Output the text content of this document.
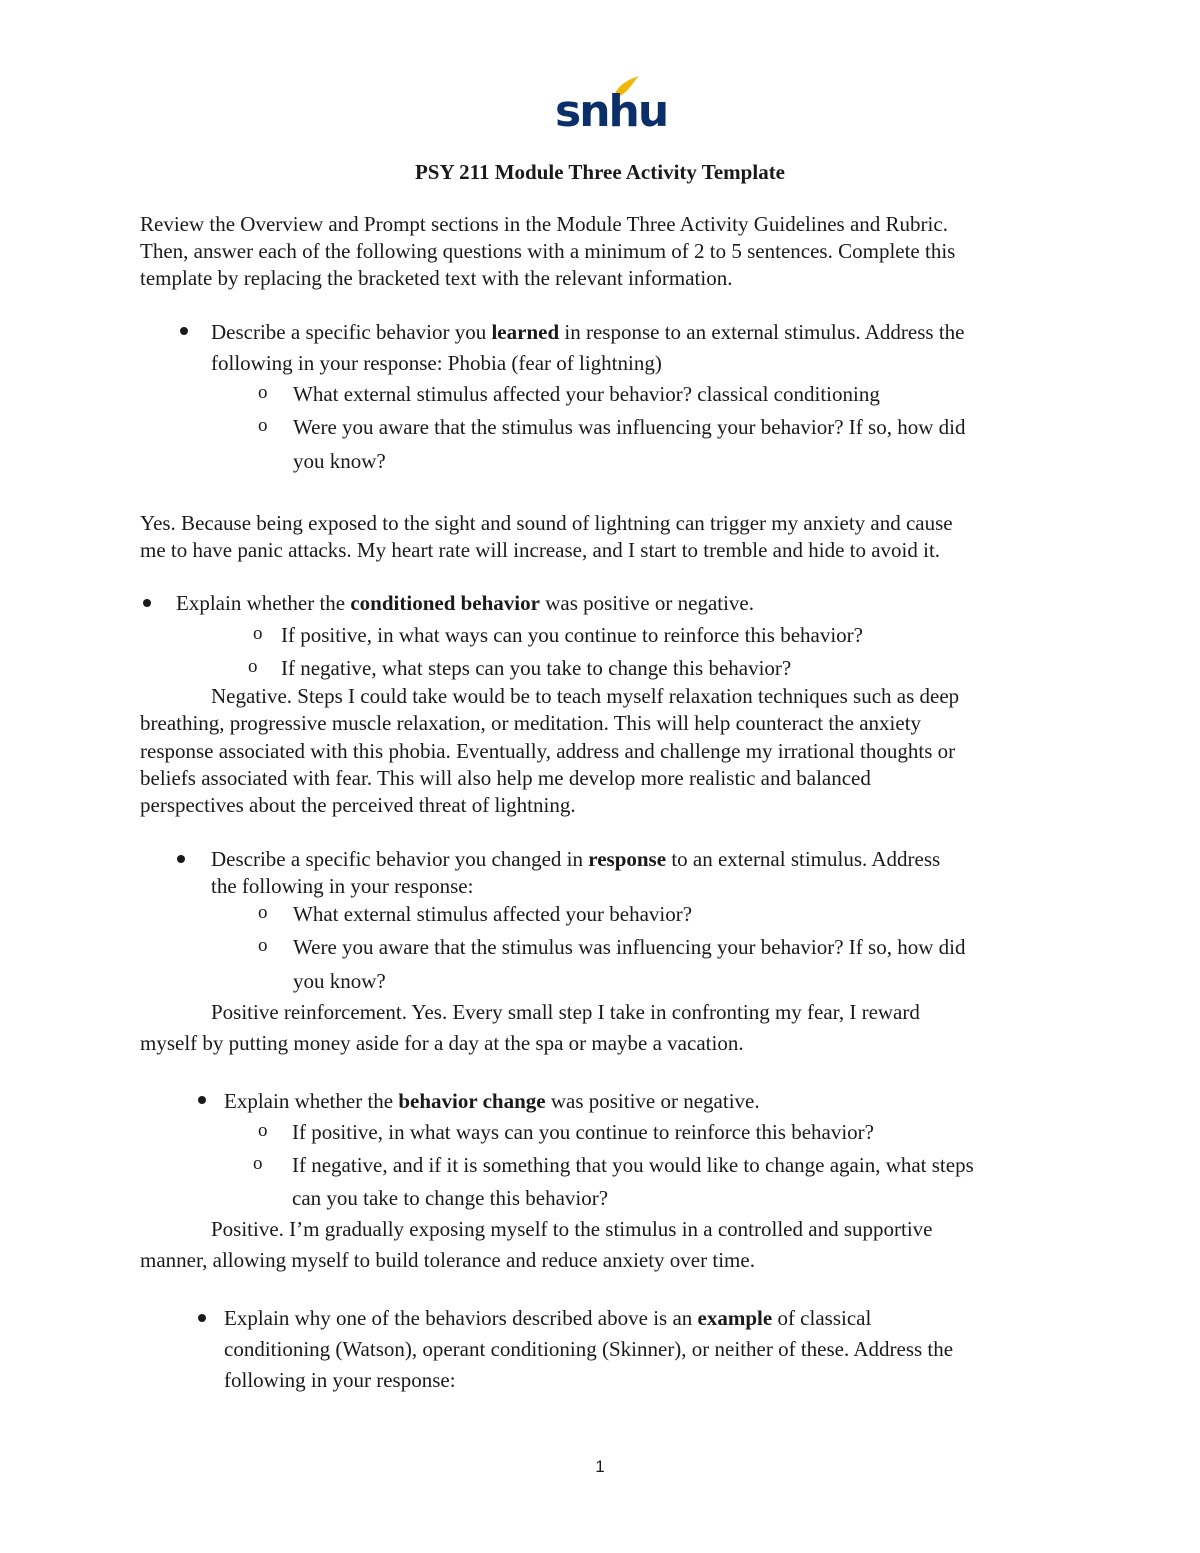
snhu
PSY 211 Module Three Activity Template
Review the Overview and Prompt sections in the Module Three Activity Guidelines and Rubric.
Then, answer each of the following questions with a minimum of 2 to 5 sentences. Complete this
template by replacing the bracketed text with the relevant information.
Describe a specific behavior you learned in response to an external stimulus. Address the
following in your response: Phobia (fear of lightning)
o What external stimulus affected your behavior? classical conditioning
o Were you aware that the stimulus was influencing your behavior? If so, how did
you know?
Yes. Because being exposed to the sight and sound of lightning can trigger my anxiety and cause
me to have panic attacks. My heart rate will increase, and I start to tremble and hide to avoid it.
Explain whether the conditioned behavior was positive or negative.
o If positive, in what ways can you continue to reinforce this behavior?
o If negative, what steps can you take to change this behavior?
Negative. Steps I could take would be to teach myself relaxation techniques such as deep
breathing, progressive muscle relaxation, or meditation. This will help counteract the anxiety
response associated with this phobia. Eventually, address and challenge my irrational thoughts or
beliefs associated with fear. This will also help me develop more realistic and balanced
perspectives about the perceived threat of lightning.
Describe a specific behavior you changed in response to an external stimulus. Address
the following in your response:
o What external stimulus affected your behavior?
o Were you aware that the stimulus was influencing your behavior? If so, how did
you know?
Positive reinforcement. Yes. Every small step I take in confronting my fear, I reward
myself by putting money aside for a day at the spa or maybe a vacation.
Explain whether the behavior change was positive or negative.
o If positive, in what ways can you continue to reinforce this behavior?
o If negative, and if it is something that you would like to change again, what steps
can you take to change this behavior?
Positive. I’m gradually exposing myself to the stimulus in a controlled and supportive
manner, allowing myself to build tolerance and reduce anxiety over time.
Explain why one of the behaviors described above is an example of classical
conditioning (Watson), operant conditioning (Skinner), or neither of these. Address the
following in your response:
1
